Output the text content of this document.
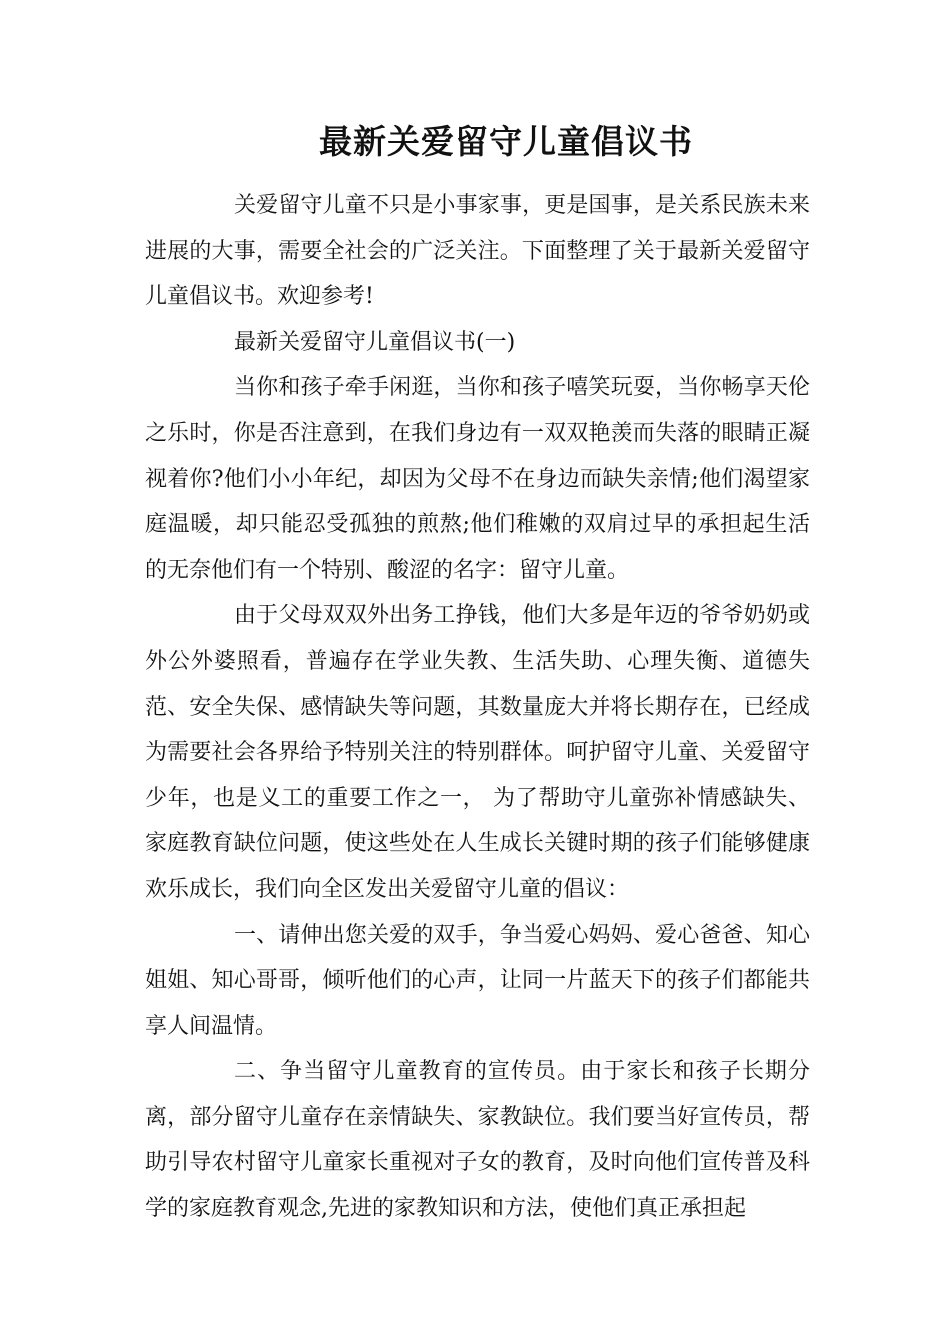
最新关爱留守儿童倡议书

关爱留守儿童不只是小事家事，更是国事，是关系民族未来进展的大事，需要全社会的广泛关注。下面整理了关于最新关爱留守儿童倡议书。欢迎参考!

最新关爱留守儿童倡议书(一)

当你和孩子牵手闲逛，当你和孩子嘻笑玩耍，当你畅享天伦之乐时，你是否注意到，在我们身边有一双双艳羡而失落的眼睛正凝视着你?他们小小年纪，却因为父母不在身边而缺失亲情;他们渴望家庭温暖，却只能忍受孤独的煎熬;他们稚嫩的双肩过早的承担起生活的无奈他们有一个特别、酸涩的名字：留守儿童。

由于父母双双外出务工挣钱，他们大多是年迈的爷爷奶奶或外公外婆照看，普遍存在学业失教、生活失助、心理失衡、道德失范、安全失保、感情缺失等问题，其数量庞大并将长期存在，已经成为需要社会各界给予特别关注的特别群体。呵护留守儿童、关爱留守少年，也是义工的重要工作之一， 为了帮助守儿童弥补情感缺失、家庭教育缺位问题，使这些处在人生成长关键时期的孩子们能够健康欢乐成长，我们向全区发出关爱留守儿童的倡议：

一、请伸出您关爱的双手，争当爱心妈妈、爱心爸爸、知心姐姐、知心哥哥，倾听他们的心声，让同一片蓝天下的孩子们都能共享人间温情。

二、争当留守儿童教育的宣传员。由于家长和孩子长期分离，部分留守儿童存在亲情缺失、家教缺位。我们要当好宣传员，帮助引导农村留守儿童家长重视对子女的教育，及时向他们宣传普及科学的家庭教育观念,先进的家教知识和方法，使他们真正承担起
